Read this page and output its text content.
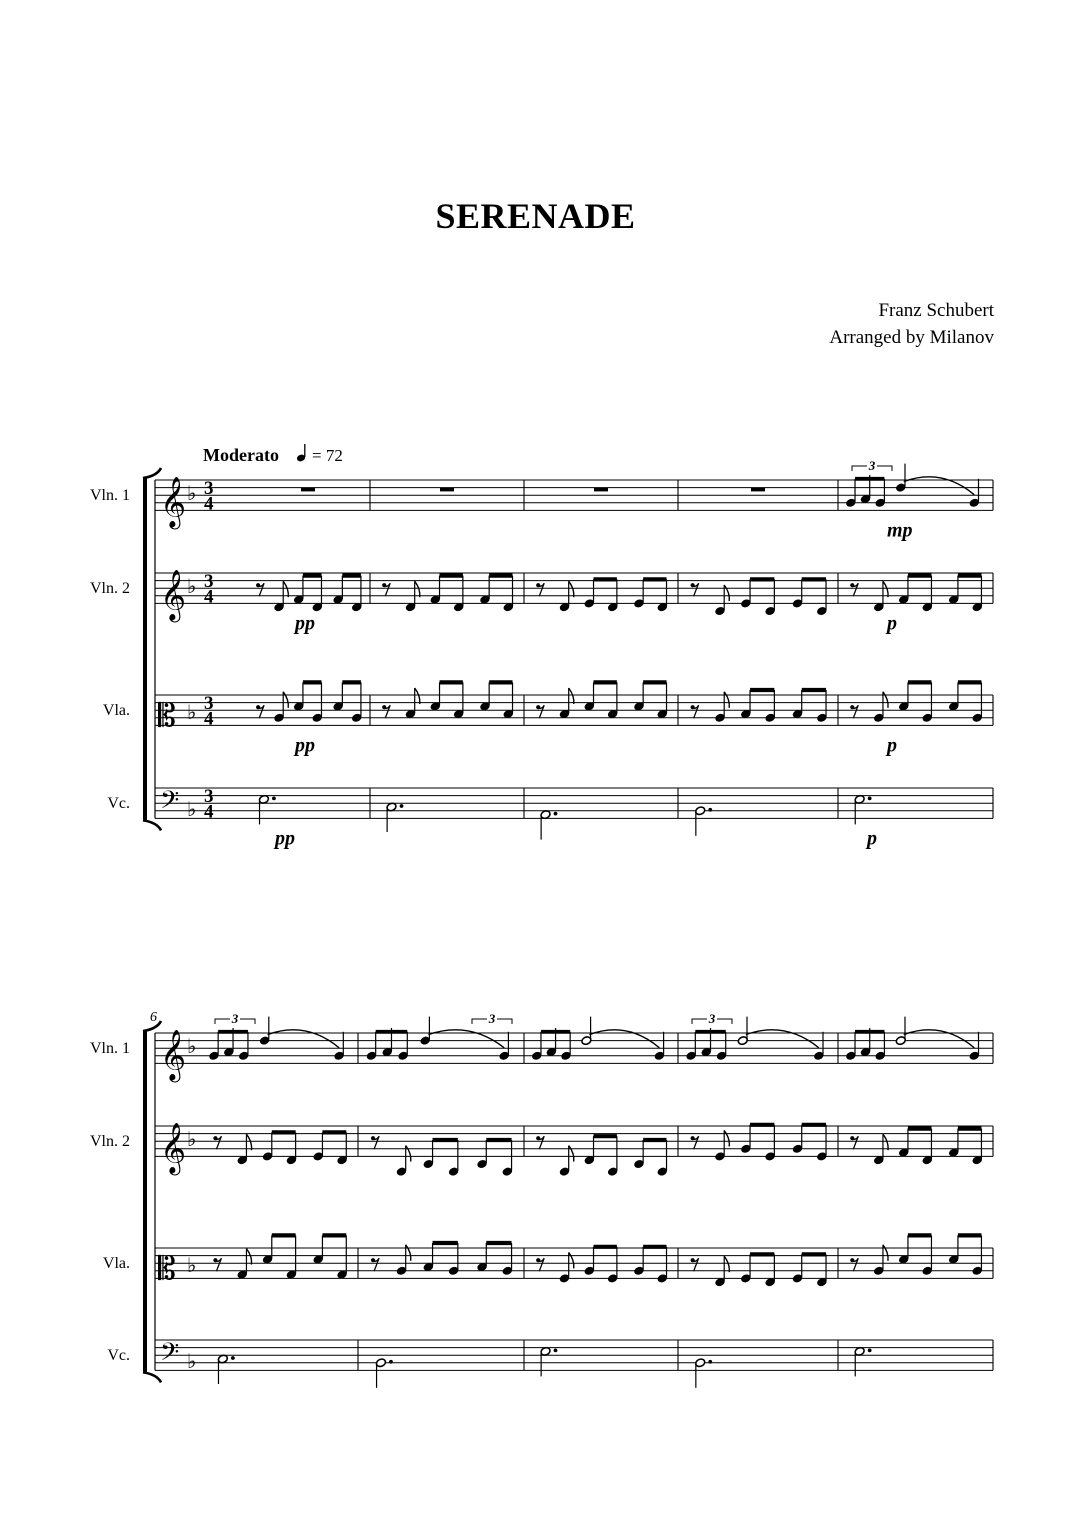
SERENADE
Franz Schubert
Arranged by Milanov
Moderato = 72
Vln. 1 𝄞 ♭ 3
4
mp
3
Vln. 2 𝄞 ♭ 3
4
pp	p
Vla. 𝄡 ♭ 3
4
pp	p
Vc. 𝄢 ♭
3
4
pp	p
6
Vln. 1 𝄞 ♭
3	3	3
Vln. 2 𝄞 ♭
Vla. 𝄡 ♭
Vc. 𝄢 ♭
